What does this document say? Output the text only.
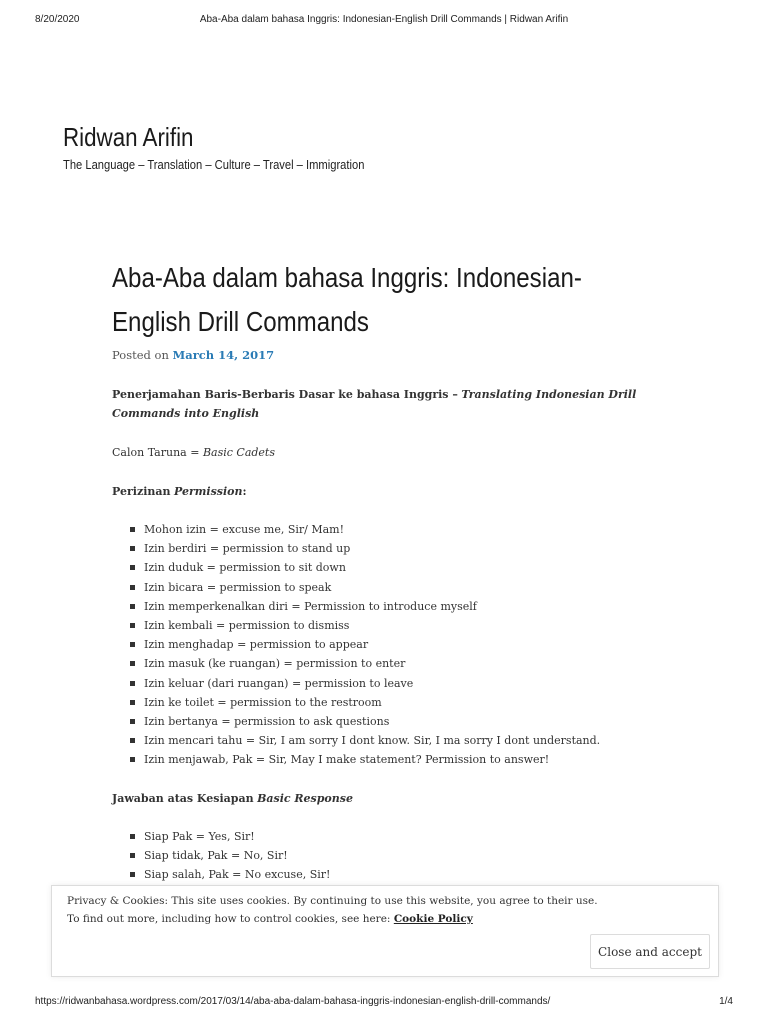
8/20/2020	Aba-Aba dalam bahasa Inggris: Indonesian-English Drill Commands | Ridwan Arifin
Ridwan Arifin

The Language – Translation – Culture – Travel – Immigration

Aba-Aba dalam bahasa Inggris: Indonesian-English Drill Commands
Posted on March 14, 2017

Penerjamahan Baris-Berbaris Dasar ke bahasa Inggris – Translating Indonesian Drill Commands into English

Calon Taruna = Basic Cadets

Perizinan Permission:

Mohon izin = excuse me, Sir/ Mam!
Izin berdiri = permission to stand up
Izin duduk = permission to sit down
Izin bicara = permission to speak
Izin memperkenalkan diri = Permission to introduce myself
Izin kembali = permission to dismiss
Izin menghadap = permission to appear
Izin masuk (ke ruangan) = permission to enter
Izin keluar (dari ruangan) = permission to leave
Izin ke toilet = permission to the restroom
Izin bertanya = permission to ask questions
Izin mencari tahu = Sir, I am sorry I dont know. Sir, I ma sorry I dont understand.
Izin menjawab, Pak = Sir, May I make statement? Permission to answer!

Jawaban atas Kesiapan Basic Response

Siap Pak = Yes, Sir!
Siap tidak, Pak = No, Sir!
Siap salah, Pak = No excuse, Sir!
Privacy & Cookies: This site uses cookies. By continuing to use this website, you agree to their use.
To find out more, including how to control cookies, see here: Cookie Policy
Close and accept
https://ridwanbahasa.wordpress.com/2017/03/14/aba-aba-dalam-bahasa-inggris-indonesian-english-drill-commands/	1/4
